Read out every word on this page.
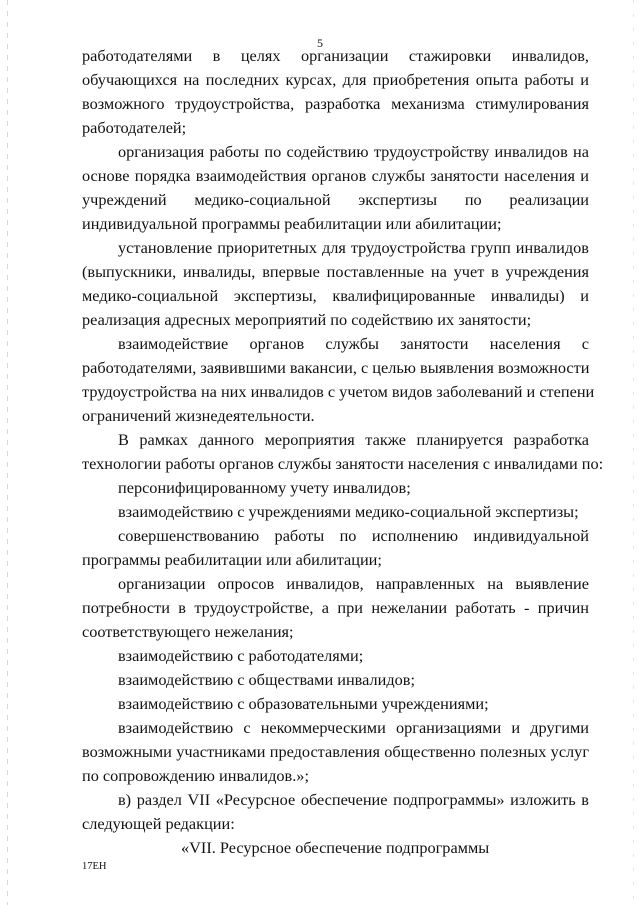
5
работодателями в целях организации стажировки инвалидов,
обучающихся на последних курсах, для приобретения опыта работы и
возможного трудоустройства, разработка механизма стимулирования
работодателей;
организация работы по содействию трудоустройству инвалидов на
основе порядка взаимодействия органов службы занятости населения и
учреждений медико-социальной экспертизы по реализации
индивидуальной программы реабилитации или абилитации;
установление приоритетных для трудоустройства групп инвалидов
(выпускники, инвалиды, впервые поставленные на учет в учреждения
медико-социальной экспертизы, квалифицированные инвалиды) и
реализация адресных мероприятий по содействию их занятости;
взаимодействие органов службы занятости населения с
работодателями, заявившими вакансии, с целью выявления возможности
трудоустройства на них инвалидов с учетом видов заболеваний и степени
ограничений жизнедеятельности.
В рамках данного мероприятия также планируется разработка
технологии работы органов службы занятости населения с инвалидами по:
персонифицированному учету инвалидов;
взаимодействию с учреждениями медико-социальной экспертизы;
совершенствованию работы по исполнению индивидуальной
программы реабилитации или абилитации;
организации опросов инвалидов, направленных на выявление
потребности в трудоустройстве, а при нежелании работать - причин
соответствующего нежелания;
взаимодействию с работодателями;
взаимодействию с обществами инвалидов;
взаимодействию с образовательными учреждениями;
взаимодействию с некоммерческими организациями и другими
возможными участниками предоставления общественно полезных услуг
по сопровождению инвалидов.»;
в) раздел VII «Ресурсное обеспечение подпрограммы» изложить в
следующей редакции:
«VII. Ресурсное обеспечение подпрограммы
17EH
